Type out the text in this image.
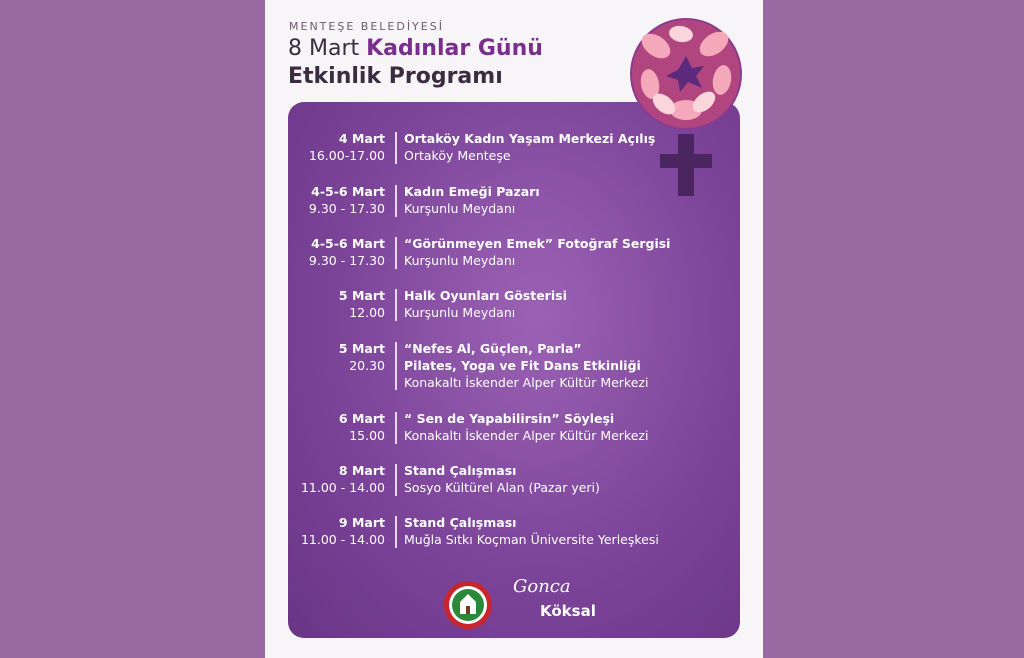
MENTEŞE BELEDİYESİ
8 Mart Kadınlar Günü
Etkinlik Programı
4 Mart
16.00-17.00
Ortaköy Kadın Yaşam Merkezi Açılış
Ortaköy Menteşe
4-5-6 Mart
9.30 - 17.30
Kadın Emeği Pazarı
Kurşunlu Meydanı
4-5-6 Mart
9.30 - 17.30
“Görünmeyen Emek” Fotoğraf Sergisi
Kurşunlu Meydanı
5 Mart
12.00
Halk Oyunları Gösterisi
Kurşunlu Meydanı
5 Mart
20.30
“Nefes Al, Güçlen, Parla”
Pilates, Yoga ve Fit Dans Etkinliği
Konakaltı İskender Alper Kültür Merkezi
6 Mart
15.00
“ Sen de Yapabilirsin” Söyleşi
Konakaltı İskender Alper Kültür Merkezi
8 Mart
11.00 - 14.00
Stand Çalışması
Sosyo Kültürel Alan (Pazar yeri)
9 Mart
11.00 - 14.00
Stand Çalışması
Muğla Sıtkı Koçman Üniversite Yerleşkesi
Gonca
Köksal
